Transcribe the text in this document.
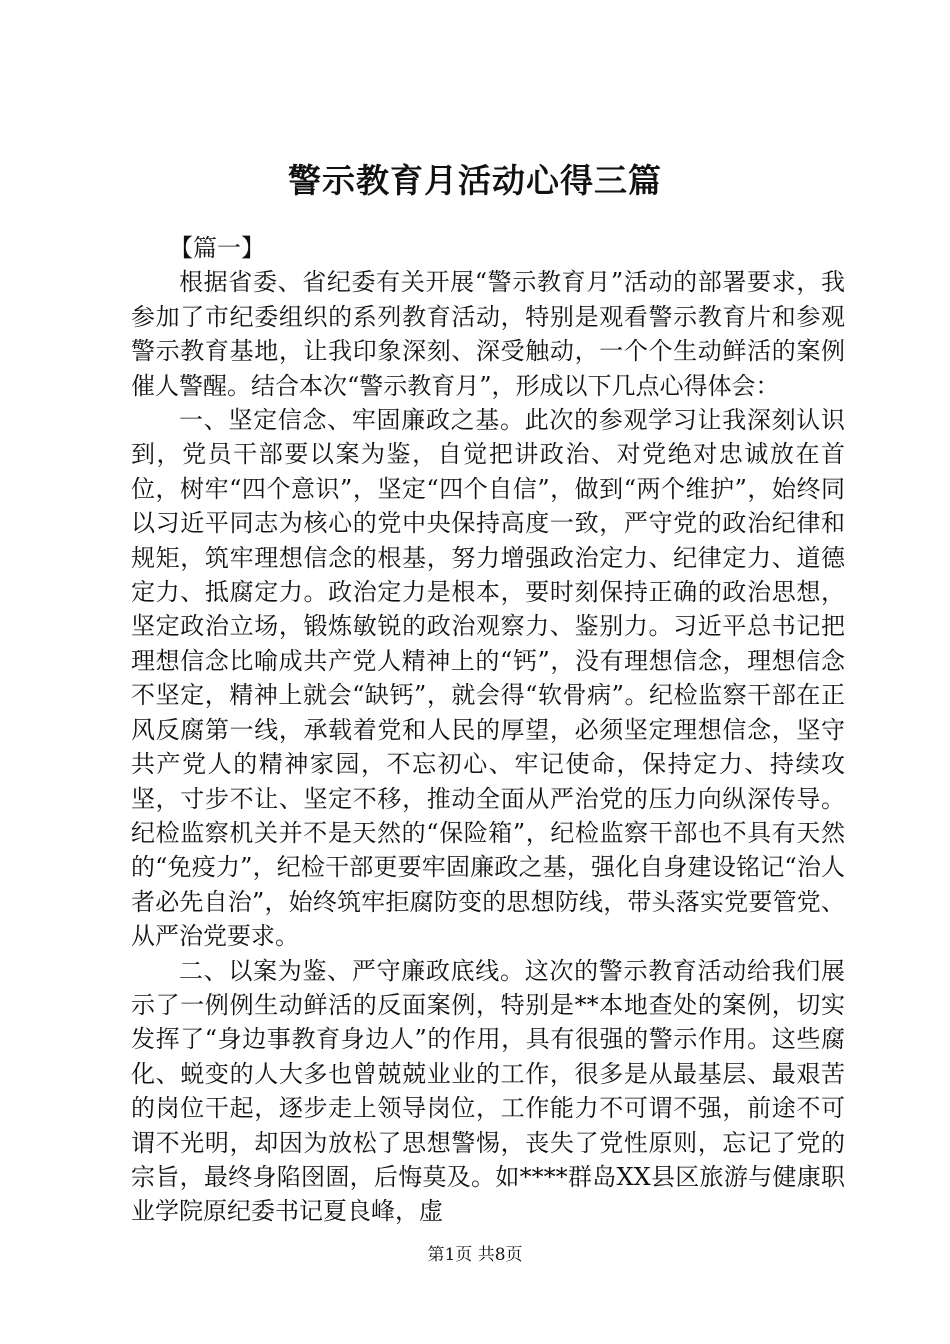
警示教育月活动心得三篇

【篇一】

根据省委、省纪委有关开展“警示教育月”活动的部署要求，我参加了市纪委组织的系列教育活动，特别是观看警示教育片和参观警示教育基地，让我印象深刻、深受触动，一个个生动鲜活的案例催人警醒。结合本次“警示教育月”，形成以下几点心得体会：

一、坚定信念、牢固廉政之基。此次的参观学习让我深刻认识到，党员干部要以案为鉴，自觉把讲政治、对党绝对忠诚放在首位，树牢“四个意识”，坚定“四个自信”，做到“两个维护”，始终同以习近平同志为核心的党中央保持高度一致，严守党的政治纪律和规矩，筑牢理想信念的根基，努力增强政治定力、纪律定力、道德定力、抵腐定力。政治定力是根本，要时刻保持正确的政治思想，坚定政治立场，锻炼敏锐的政治观察力、鉴别力。习近平总书记把理想信念比喻成共产党人精神上的“钙”，没有理想信念，理想信念不坚定，精神上就会“缺钙”，就会得“软骨病”。纪检监察干部在正风反腐第一线，承载着党和人民的厚望，必须坚定理想信念，坚守共产党人的精神家园，不忘初心、牢记使命，保持定力、持续攻坚，寸步不让、坚定不移，推动全面从严治党的压力向纵深传导。纪检监察机关并不是天然的“保险箱”，纪检监察干部也不具有天然的“免疫力”，纪检干部更要牢固廉政之基，强化自身建设铭记“治人者必先自治”，始终筑牢拒腐防变的思想防线，带头落实党要管党、从严治党要求。

二、以案为鉴、严守廉政底线。这次的警示教育活动给我们展示了一例例生动鲜活的反面案例，特别是**本地查处的案例，切实发挥了“身边事教育身边人”的作用，具有很强的警示作用。这些腐化、蜕变的人大多也曾兢兢业业的工作，很多是从最基层、最艰苦的岗位干起，逐步走上领导岗位，工作能力不可谓不强，前途不可谓不光明，却因为放松了思想警惕，丧失了党性原则，忘记了党的宗旨，最终身陷囹圄，后悔莫及。如****群岛XX县区旅游与健康职业学院原纪委书记夏良峰，虚

第1页 共8页
